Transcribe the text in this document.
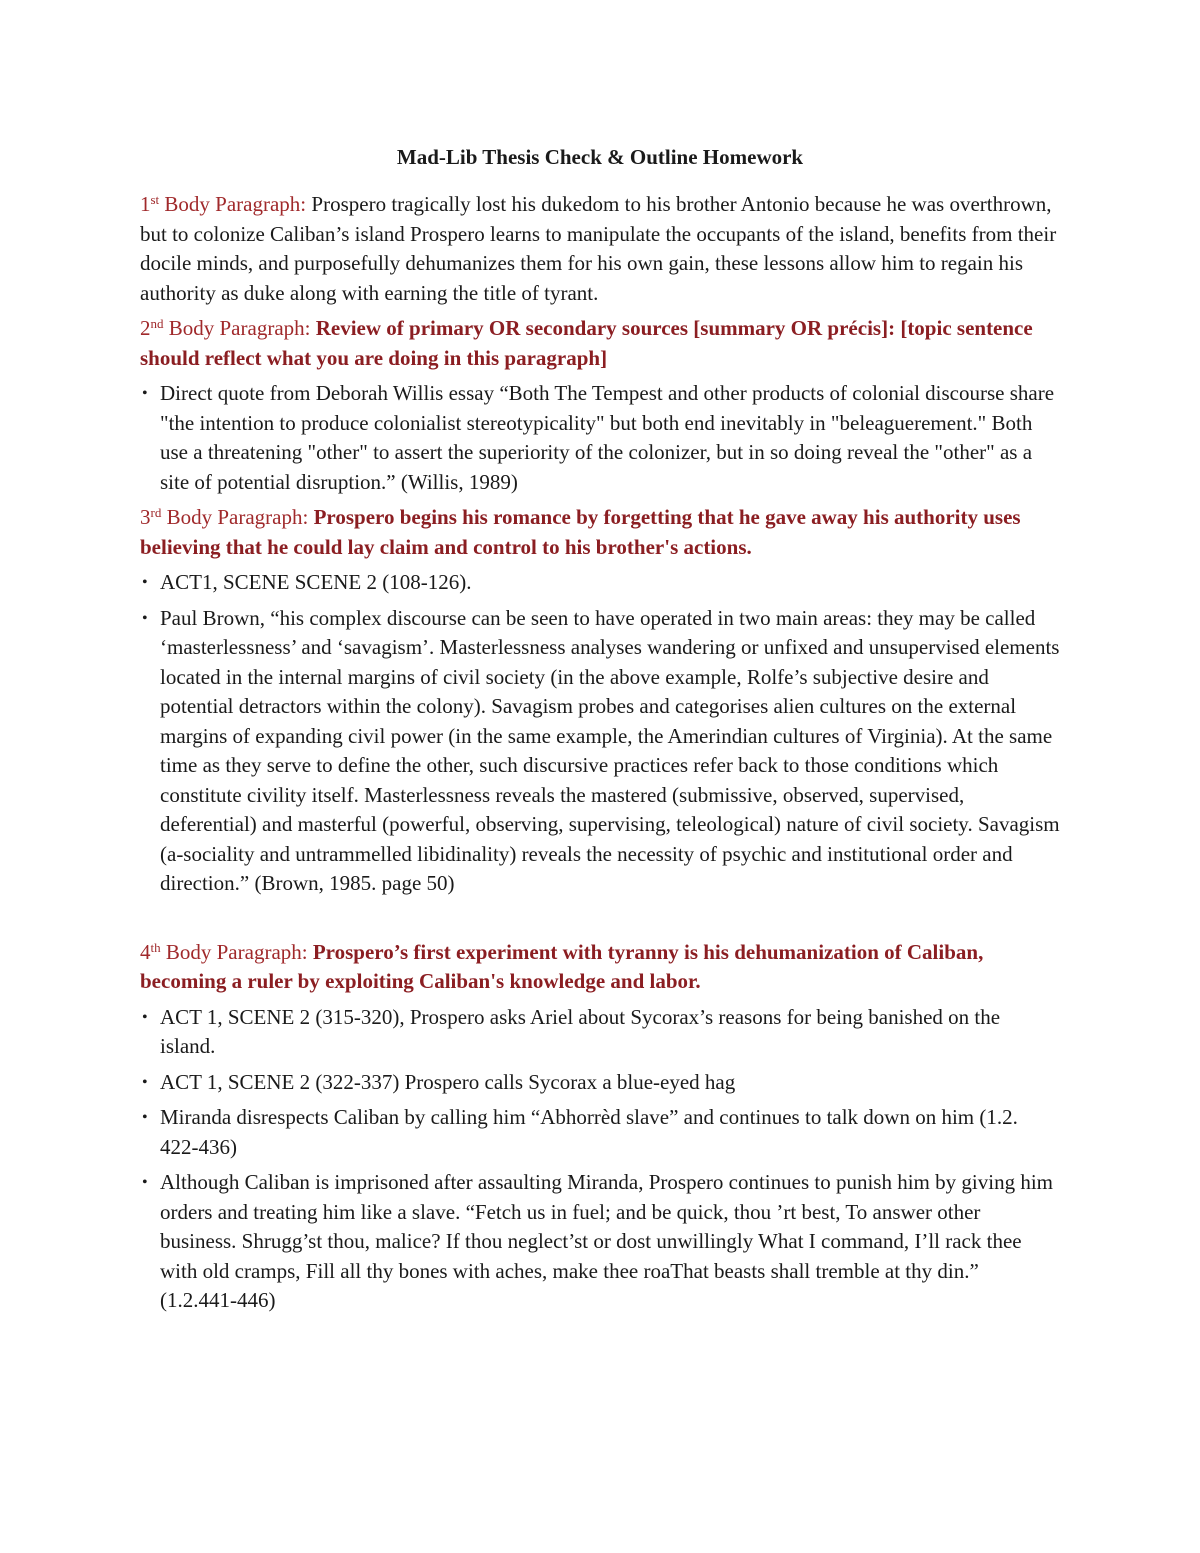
Mad-Lib Thesis Check & Outline Homework
1st Body Paragraph: Prospero tragically lost his dukedom to his brother Antonio because he was overthrown, but to colonize Caliban’s island Prospero learns to manipulate the occupants of the island, benefits from their docile minds, and purposefully dehumanizes them for his own gain, these lessons allow him to regain his authority as duke along with earning the title of tyrant.
2nd Body Paragraph: Review of primary OR secondary sources [summary OR précis]: [topic sentence should reflect what you are doing in this paragraph]
• Direct quote from Deborah Willis essay “Both The Tempest and other products of colonial discourse share "the intention to produce colonialist stereotypicality" but both end inevitably in "beleaguerement." Both use a threatening "other" to assert the superiority of the colonizer, but in so doing reveal the "other" as a site of potential disruption.” (Willis, 1989)
3rd Body Paragraph: Prospero begins his romance by forgetting that he gave away his authority uses believing that he could lay claim and control to his brother's actions.
• ACT1, SCENE SCENE 2 (108-126).
• Paul Brown, “his complex discourse can be seen to have operated in two main areas: they may be called ‘masterlessness’ and ‘savagism’. Masterlessness analyses wandering or unfixed and unsupervised elements located in the internal margins of civil society (in the above example, Rolfe’s subjective desire and potential detractors within the colony). Savagism probes and categorises alien cultures on the external margins of expanding civil power (in the same example, the Amerindian cultures of Virginia). At the same time as they serve to define the other, such discursive practices refer back to those conditions which constitute civility itself. Masterlessness reveals the mastered (submissive, observed, supervised, deferential) and masterful (powerful, observing, supervising, teleological) nature of civil society. Savagism (a-sociality and untrammelled libidinality) reveals the necessity of psychic and institutional order and direction.” (Brown, 1985. page 50)
4th Body Paragraph: Prospero’s first experiment with tyranny is his dehumanization of Caliban, becoming a ruler by exploiting Caliban's knowledge and labor.
• ACT 1, SCENE 2 (315-320), Prospero asks Ariel about Sycorax’s reasons for being banished on the island.
• ACT 1, SCENE 2 (322-337) Prospero calls Sycorax a blue-eyed hag
• Miranda disrespects Caliban by calling him “Abhorrèd slave” and continues to talk down on him (1.2. 422-436)
• Although Caliban is imprisoned after assaulting Miranda, Prospero continues to punish him by giving him orders and treating him like a slave. “Fetch us in fuel; and be quick, thou ’rt best, To answer other business. Shrugg’st thou, malice? If thou neglect’st or dost unwillingly What I command, I’ll rack thee with old cramps, Fill all thy bones with aches, make thee roaThat beasts shall tremble at thy din.” (1.2.441-446)
